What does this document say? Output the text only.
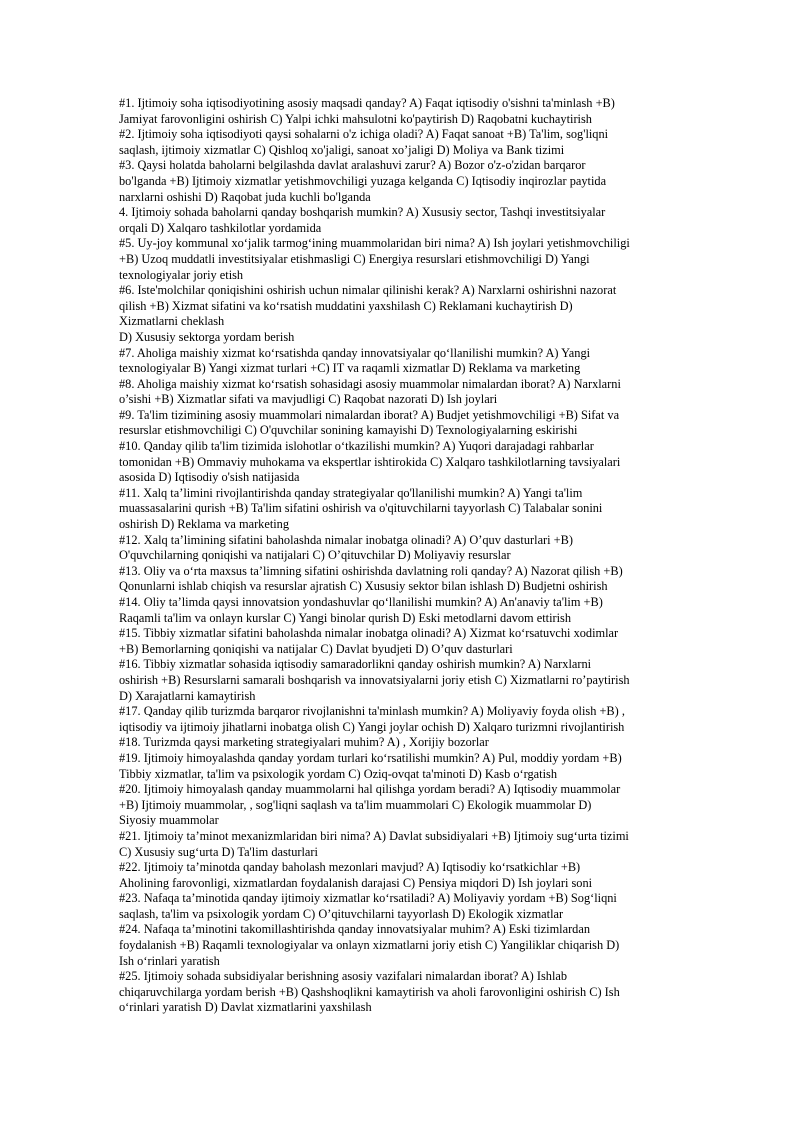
#1. Ijtimoiy soha iqtisodiyotining asosiy maqsadi qanday? A) Faqat iqtisodiy o'sishni ta'minlash +B)
Jamiyat farovonligini oshirish C) Yalpi ichki mahsulotni ko'paytirish D) Raqobatni kuchaytirish
#2. Ijtimoiy soha iqtisodiyoti qaysi sohalarni o'z ichiga oladi? A) Faqat sanoat +B) Ta'lim, sog'liqni
saqlash, ijtimoiy xizmatlar C) Qishloq xo'jaligi, sanoat xo’jaligi D) Moliya va Bank tizimi
#3. Qaysi holatda baholarni belgilashda davlat aralashuvi zarur? A) Bozor o'z-o'zidan barqaror
bo'lganda +B) Ijtimoiy xizmatlar yetishmovchiligi yuzaga kelganda C) Iqtisodiy inqirozlar paytida
narxlarni oshishi D) Raqobat juda kuchli bo'lganda
4. Ijtimoiy sohada baholarni qanday boshqarish mumkin? A) Xususiy sector, Tashqi investitsiyalar
orqali D) Xalqaro tashkilotlar yordamida
#5. Uy-joy kommunal xo‘jalik tarmog‘ining muammolaridan biri nima? A) Ish joylari yetishmovchiligi
+B) Uzoq muddatli investitsiyalar etishmasligi C) Energiya resurslari etishmovchiligi D) Yangi
texnologiyalar joriy etish
#6. Iste'molchilar qoniqishini oshirish uchun nimalar qilinishi kerak? A) Narxlarni oshirishni nazorat
qilish +B) Xizmat sifatini va ko‘rsatish muddatini yaxshilash C) Reklamani kuchaytirish D)
Xizmatlarni cheklash
D) Xususiy sektorga yordam berish
#7. Aholiga maishiy xizmat ko‘rsatishda qanday innovatsiyalar qo‘llanilishi mumkin? A) Yangi
texnologiyalar B) Yangi xizmat turlari +C) IT va raqamli xizmatlar D) Reklama va marketing
#8. Aholiga maishiy xizmat ko‘rsatish sohasidagi asosiy muammolar nimalardan iborat? A) Narxlarni
o’sishi +B) Xizmatlar sifati va mavjudligi C) Raqobat nazorati D) Ish joylari
#9. Ta'lim tizimining asosiy muammolari nimalardan iborat? A) Budjet yetishmovchiligi +B) Sifat va
resurslar etishmovchiligi C) O'quvchilar sonining kamayishi D) Texnologiyalarning eskirishi
#10. Qanday qilib ta'lim tizimida islohotlar o‘tkazilishi mumkin? A) Yuqori darajadagi rahbarlar
tomonidan +B) Ommaviy muhokama va ekspertlar ishtirokida C) Xalqaro tashkilotlarning tavsiyalari
asosida D) Iqtisodiy o'sish natijasida
#11. Xalq ta’limini rivojlantirishda qanday strategiyalar qo'llanilishi mumkin? A) Yangi ta'lim
muassasalarini qurish +B) Ta'lim sifatini oshirish va o'qituvchilarni tayyorlash C) Talabalar sonini
oshirish D) Reklama va marketing
#12. Xalq ta’limining sifatini baholashda nimalar inobatga olinadi? A) O’quv dasturlari +B)
O'quvchilarning qoniqishi va natijalari C) O’qituvchilar D) Moliyaviy resurslar
#13. Oliy va o‘rta maxsus ta’limning sifatini oshirishda davlatning roli qanday? A) Nazorat qilish +B)
Qonunlarni ishlab chiqish va resurslar ajratish C) Xususiy sektor bilan ishlash D) Budjetni oshirish
#14. Oliy ta’limda qaysi innovatsion yondashuvlar qo‘llanilishi mumkin? A) An'anaviy ta'lim +B)
Raqamli ta'lim va onlayn kurslar C) Yangi binolar qurish D) Eski metodlarni davom ettirish
#15. Tibbiy xizmatlar sifatini baholashda nimalar inobatga olinadi? A) Xizmat ko‘rsatuvchi xodimlar
+B) Bemorlarning qoniqishi va natijalar C) Davlat byudjeti D) O’quv dasturlari
#16. Tibbiy xizmatlar sohasida iqtisodiy samaradorlikni qanday oshirish mumkin? A) Narxlarni
oshirish +B) Resurslarni samarali boshqarish va innovatsiyalarni joriy etish C) Xizmatlarni ro’paytirish
D) Xarajatlarni kamaytirish
#17. Qanday qilib turizmda barqaror rivojlanishni ta'minlash mumkin? A) Moliyaviy foyda olish +B) ,
iqtisodiy va ijtimoiy jihatlarni inobatga olish C) Yangi joylar ochish D) Xalqaro turizmni rivojlantirish
#18. Turizmda qaysi marketing strategiyalari muhim? A) , Xorijiy bozorlar
#19. Ijtimoiy himoyalashda qanday yordam turlari ko‘rsatilishi mumkin? A) Pul, moddiy yordam +B)
Tibbiy xizmatlar, ta'lim va psixologik yordam C) Oziq-ovqat ta'minoti D) Kasb o‘rgatish
#20. Ijtimoiy himoyalash qanday muammolarni hal qilishga yordam beradi? A) Iqtisodiy muammolar
+B) Ijtimoiy muammolar, , sog'liqni saqlash va ta'lim muammolari C) Ekologik muammolar D)
Siyosiy muammolar
#21. Ijtimoiy ta’minot mexanizmlaridan biri nima? A) Davlat subsidiyalari +B) Ijtimoiy sug‘urta tizimi
C) Xususiy sug‘urta D) Ta'lim dasturlari
#22. Ijtimoiy ta’minotda qanday baholash mezonlari mavjud? A) Iqtisodiy ko‘rsatkichlar +B)
Aholining farovonligi, xizmatlardan foydalanish darajasi C) Pensiya miqdori D) Ish joylari soni
#23. Nafaqa ta’minotida qanday ijtimoiy xizmatlar ko‘rsatiladi? A) Moliyaviy yordam +B) Sog‘liqni
saqlash, ta'lim va psixologik yordam C) O’qituvchilarni tayyorlash D) Ekologik xizmatlar
#24. Nafaqa ta’minotini takomillashtirishda qanday innovatsiyalar muhim? A) Eski tizimlardan
foydalanish +B) Raqamli texnologiyalar va onlayn xizmatlarni joriy etish C) Yangiliklar chiqarish D)
Ish o‘rinlari yaratish
#25. Ijtimoiy sohada subsidiyalar berishning asosiy vazifalari nimalardan iborat? A) Ishlab
chiqaruvchilarga yordam berish +B) Qashshoqlikni kamaytirish va aholi farovonligini oshirish C) Ish
o‘rinlari yaratish D) Davlat xizmatlarini yaxshilash
